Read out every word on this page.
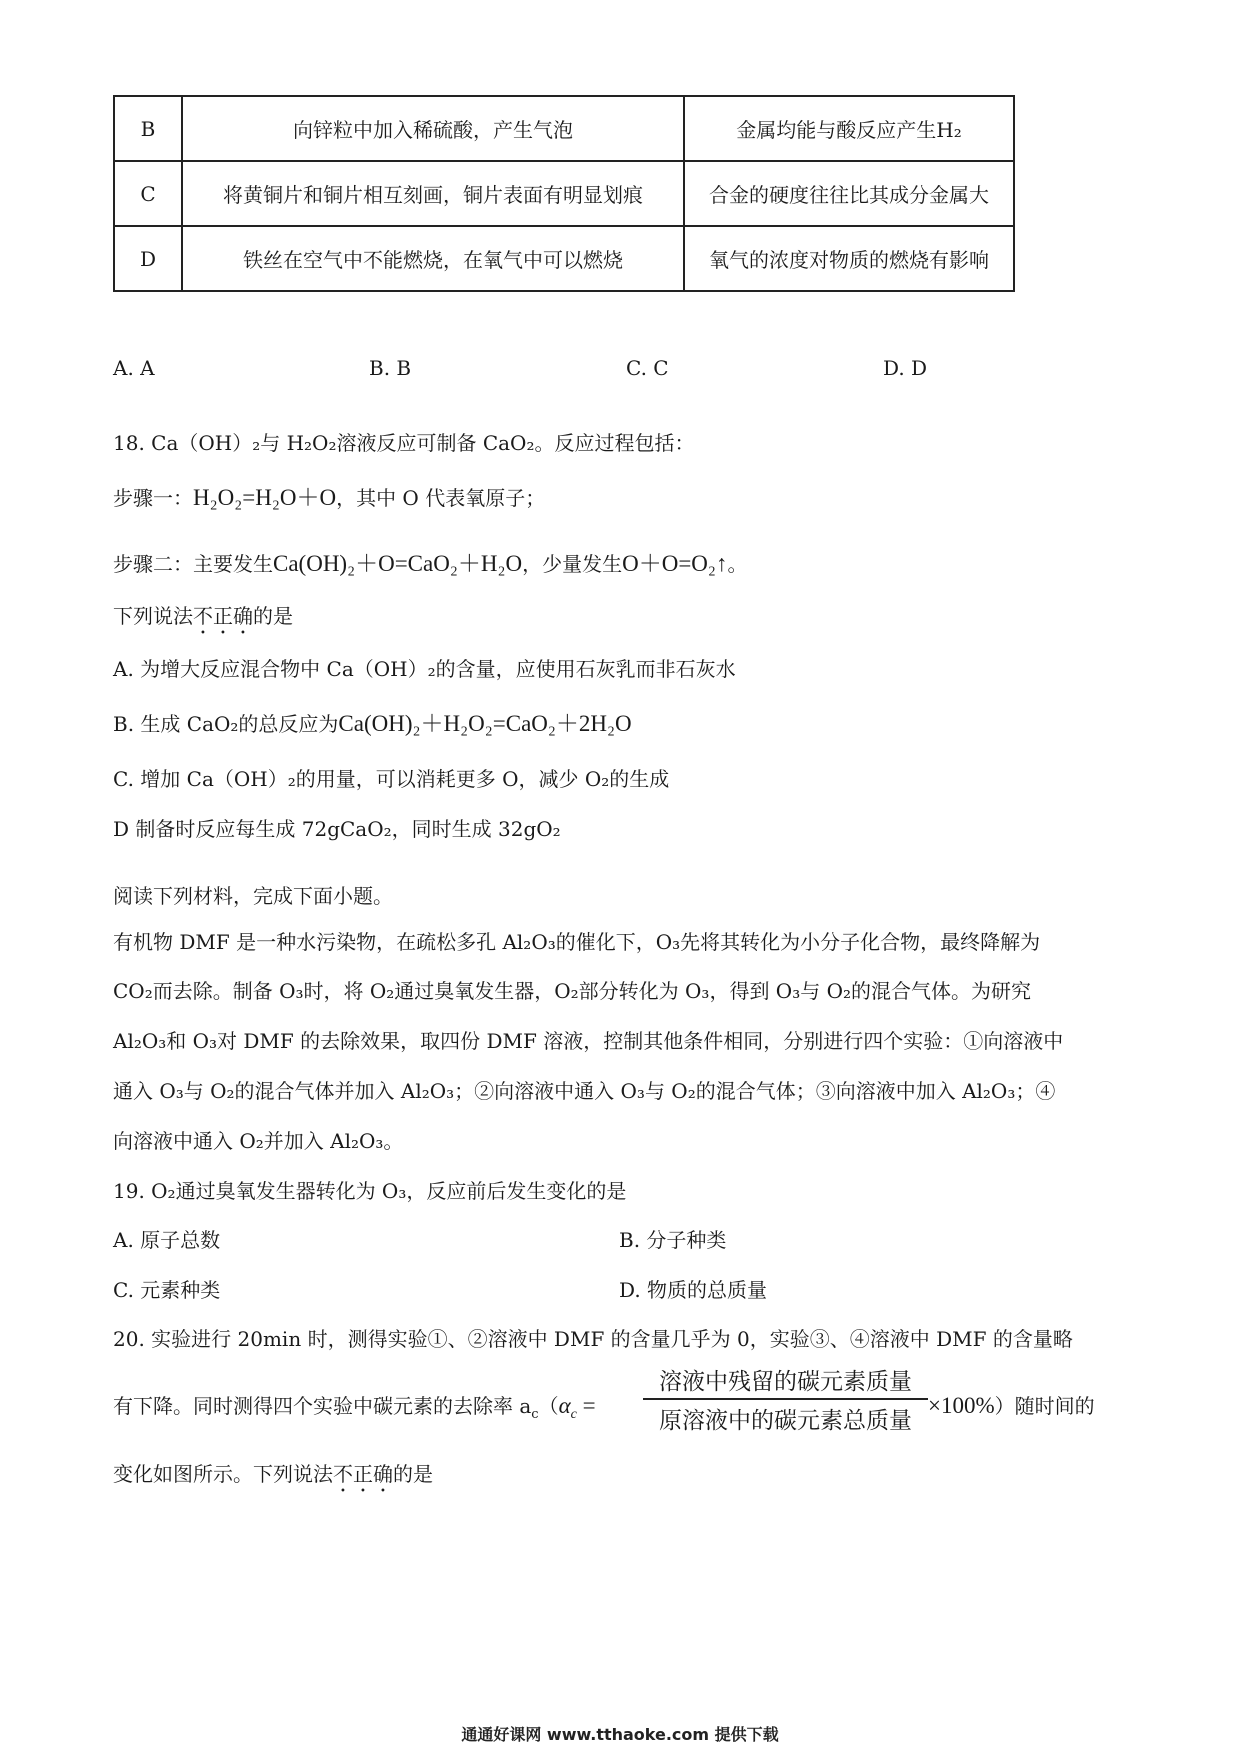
B	向锌粒中加入稀硫酸，产生气泡	金属均能与酸反应产生H₂
C	将黄铜片和铜片相互刻画，铜片表面有明显划痕	合金的硬度往往比其成分金属大
D	铁丝在空气中不能燃烧，在氧气中可以燃烧	氧气的浓度对物质的燃烧有影响
A. A	B. B	C. C	D. D
18. Ca（OH）₂与 H₂O₂溶液反应可制备 CaO₂。反应过程包括：
步骤一：H₂O₂=H₂O＋O，其中 O 代表氧原子；
步骤二：主要发生Ca(OH)₂＋O=CaO₂＋H₂O，少量发生O＋O=O₂↑。
下列说法不正确的是
A. 为增大反应混合物中 Ca（OH）₂的含量，应使用石灰乳而非石灰水
B. 生成 CaO₂的总反应为Ca(OH)₂＋H₂O₂=CaO₂＋2H₂O
C. 增加 Ca（OH）₂的用量，可以消耗更多 O，减少 O₂的生成
D 制备时反应每生成 72gCaO₂，同时生成 32gO₂
阅读下列材料，完成下面小题。
有机物 DMF 是一种水污染物，在疏松多孔 Al₂O₃的催化下，O₃先将其转化为小分子化合物，最终降解为
CO₂而去除。制备 O₃时，将 O₂通过臭氧发生器，O₂部分转化为 O₃，得到 O₃与 O₂的混合气体。为研究
Al₂O₃和 O₃对 DMF 的去除效果，取四份 DMF 溶液，控制其他条件相同，分别进行四个实验：①向溶液中
通入 O₃与 O₂的混合气体并加入 Al₂O₃；②向溶液中通入 O₃与 O₂的混合气体；③向溶液中加入 Al₂O₃；④
向溶液中通入 O₂并加入 Al₂O₃。
19. O₂通过臭氧发生器转化为 O₃，反应前后发生变化的是
A. 原子总数	B. 分子种类
C. 元素种类	D. 物质的总质量
20. 实验进行 20min 时，测得实验①、②溶液中 DMF 的含量几乎为 0，实验③、④溶液中 DMF 的含量略
有下降。同时测得四个实验中碳元素的去除率 $a_c(\alpha_c$ =
溶液中残留的碳元素质量
原溶液中的碳元素总质量
×100%）随时间的
变化如图所示。下列说法不正确的是
通通好课网 www.tthaoke.com 提供下载
